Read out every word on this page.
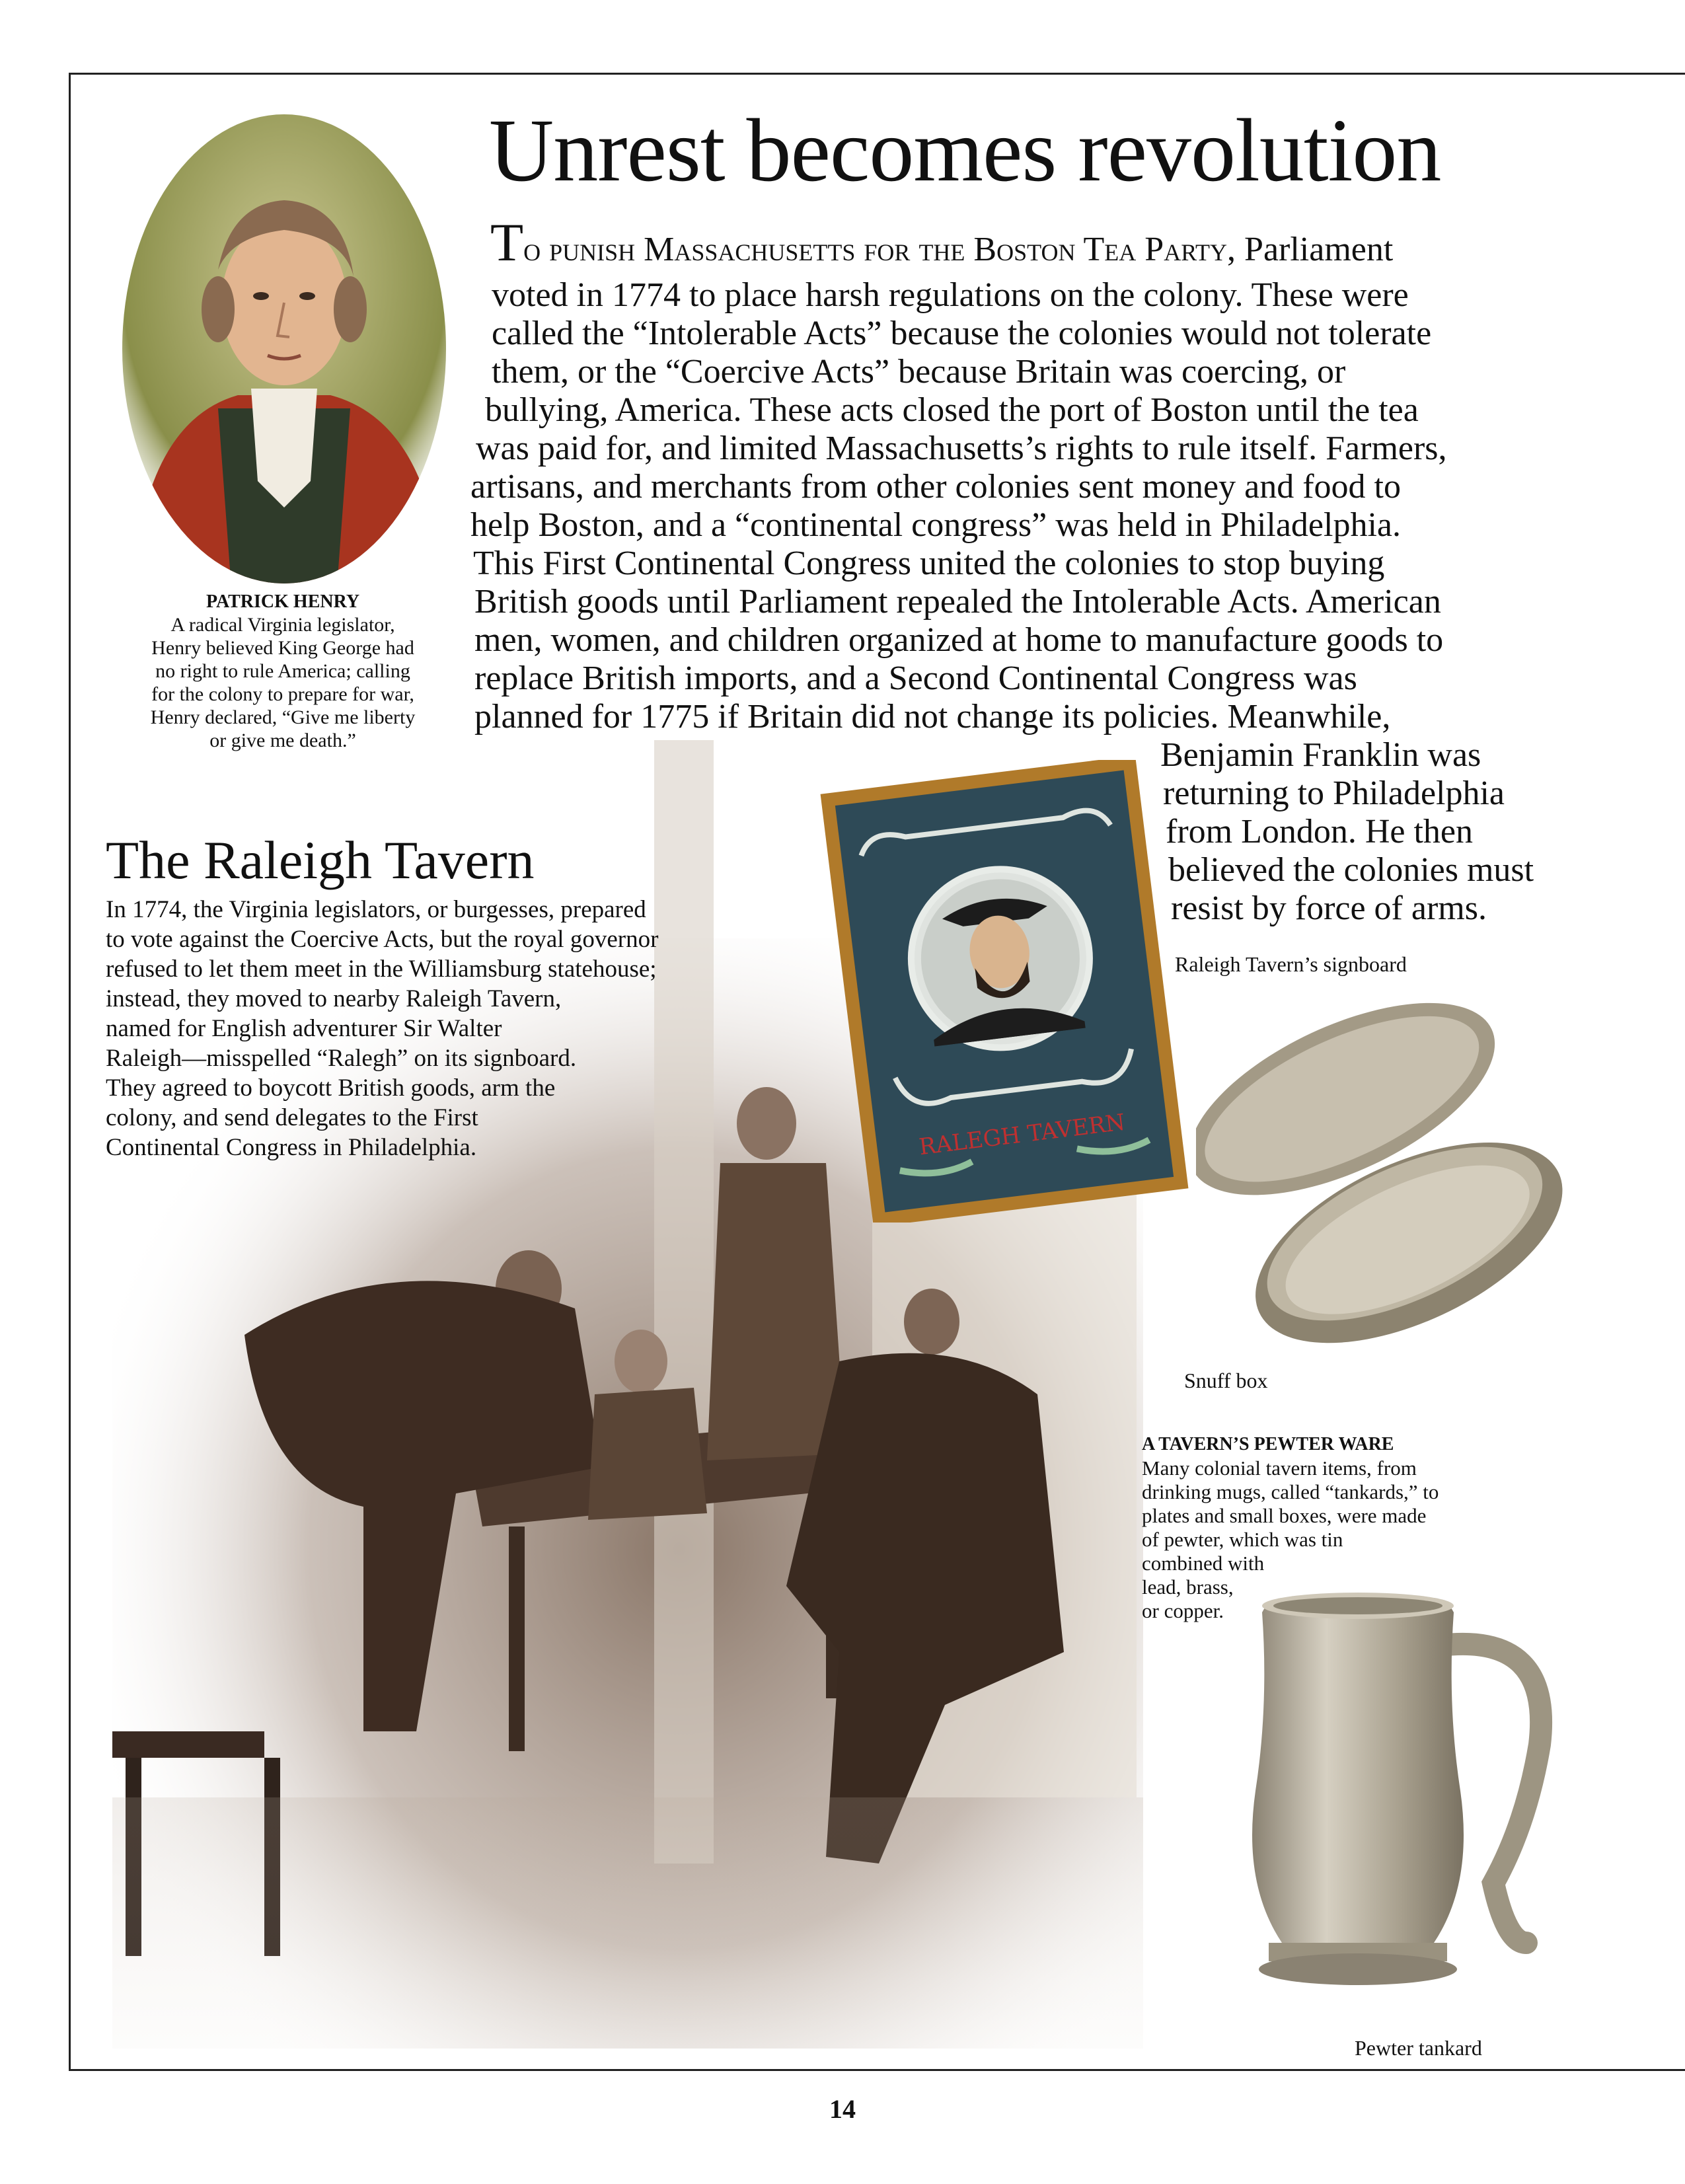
Unrest becomes revolution
PATRICK HENRY
A radical Virginia legislator,
Henry believed King George had
no right to rule America; calling
for the colony to prepare for war,
Henry declared, “Give me liberty
or give me death.”
To punish Massachusetts for the Boston Tea Party, Parliament
voted in 1774 to place harsh regulations on the colony. These were
called the “Intolerable Acts” because the colonies would not tolerate
them, or the “Coercive Acts” because Britain was coercing, or
bullying, America. These acts closed the port of Boston until the tea
was paid for, and limited Massachusetts’s rights to rule itself. Farmers,
artisans, and merchants from other colonies sent money and food to
help Boston, and a “continental congress” was held in Philadelphia.
This First Continental Congress united the colonies to stop buying
British goods until Parliament repealed the Intolerable Acts. American
men, women, and children organized at home to manufacture goods to
replace British imports, and a Second Continental Congress was
planned for 1775 if Britain did not change its policies. Meanwhile,
Benjamin Franklin was
returning to Philadelphia
from London. He then
believed the colonies must
resist by force of arms.
The Raleigh Tavern
In 1774, the Virginia legislators, or burgesses, prepared
to vote against the Coercive Acts, but the royal governor
refused to let them meet in the Williamsburg statehouse;
instead, they moved to nearby Raleigh Tavern,
named for English adventurer Sir Walter
Raleigh—misspelled “Ralegh” on its signboard.
They agreed to boycott British goods, arm the
colony, and send delegates to the First
Continental Congress in Philadelphia.	RALEGH TAVERN
Raleigh Tavern’s signboard
Snuff box
A TAVERN’S PEWTER WARE
Many colonial tavern items, from
drinking mugs, called “tankards,” to
plates and small boxes, were made
of pewter, which was tin
combined with
lead, brass,
or copper.
Pewter tankard
14
